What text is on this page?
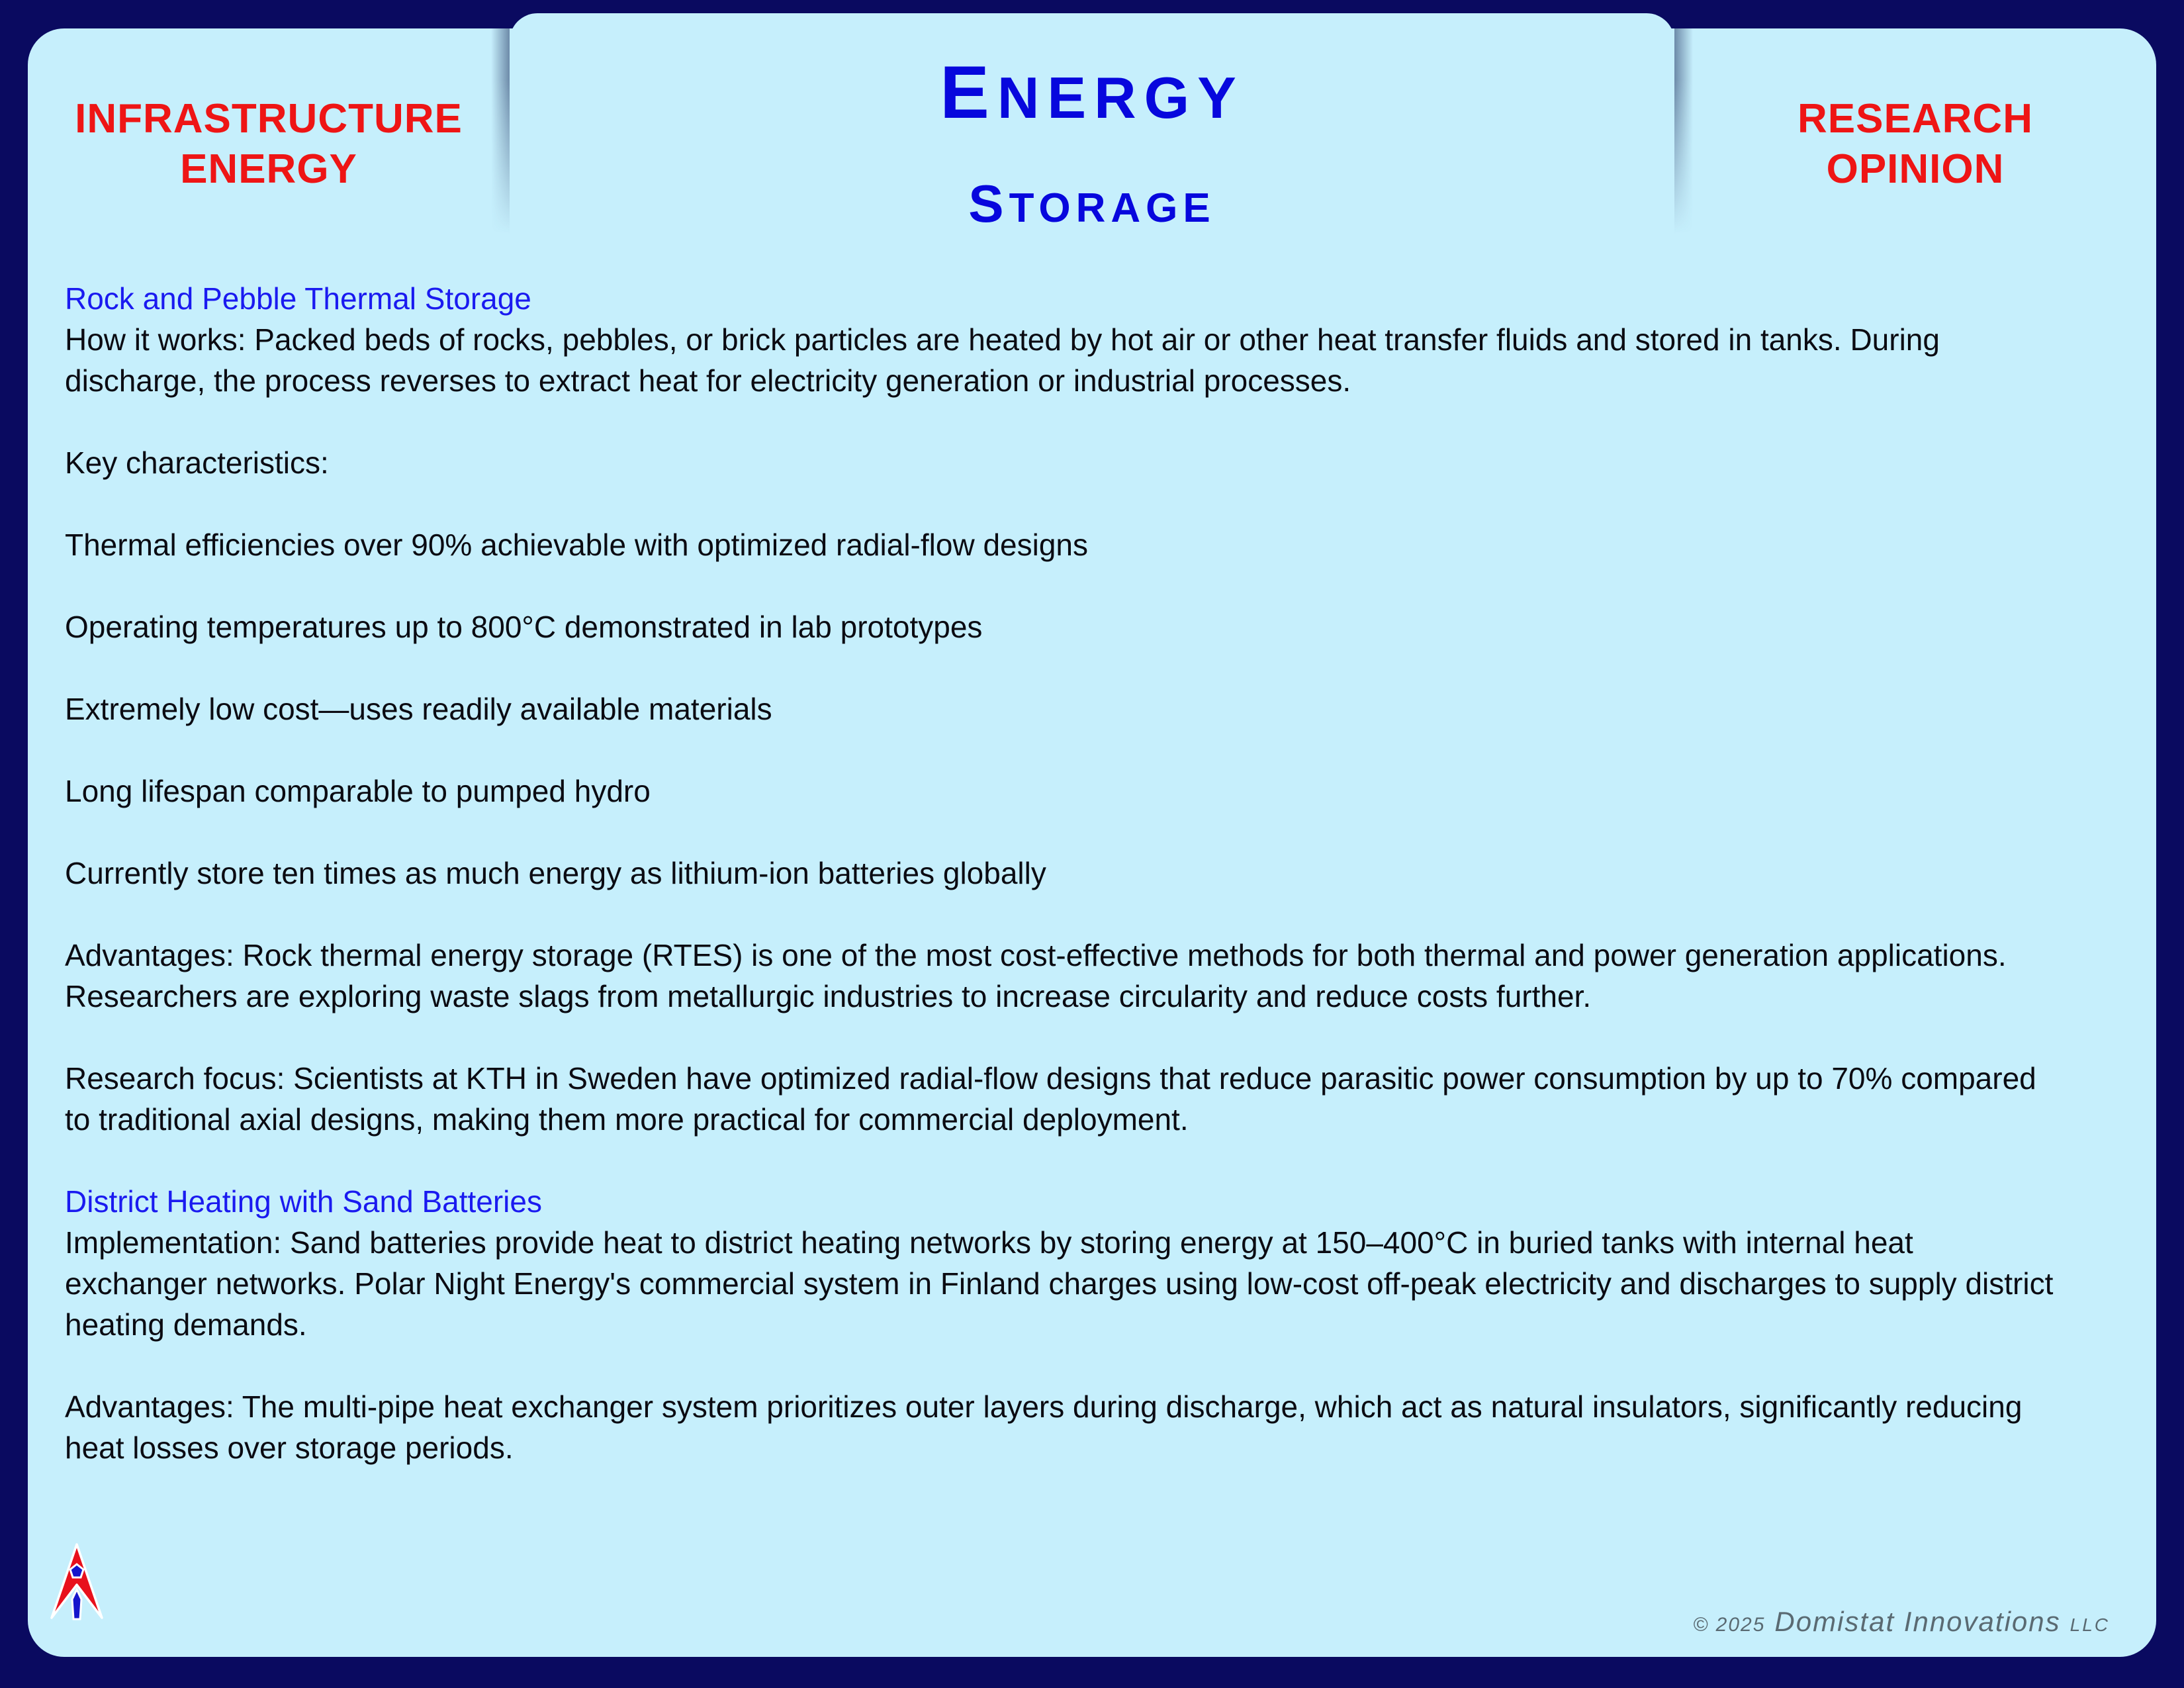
INFRASTRUCTURE
ENERGY
RESEARCH
OPINION
ENERGY
STORAGE

Rock and Pebble Thermal Storage

How it works: Packed beds of rocks, pebbles, or brick particles are heated by hot air or other heat transfer fluids and stored in tanks. During discharge, the process reverses to extract heat for electricity generation or industrial processes.

Key characteristics:

Thermal efficiencies over 90% achievable with optimized radial-flow designs

Operating temperatures up to 800°C demonstrated in lab prototypes

Extremely low cost—uses readily available materials

Long lifespan comparable to pumped hydro

Currently store ten times as much energy as lithium-ion batteries globally

Advantages: Rock thermal energy storage (RTES) is one of the most cost-effective methods for both thermal and power generation applications. Researchers are exploring waste slags from metallurgic industries to increase circularity and reduce costs further.

Research focus: Scientists at KTH in Sweden have optimized radial-flow designs that reduce parasitic power consumption by up to 70% compared to traditional axial designs, making them more practical for commercial deployment.

District Heating with Sand Batteries

Implementation: Sand batteries provide heat to district heating networks by storing energy at 150–400°C in buried tanks with internal heat exchanger networks. Polar Night Energy's commercial system in Finland charges using low-cost off-peak electricity and discharges to supply district heating demands.

Advantages: The multi-pipe heat exchanger system prioritizes outer layers during discharge, which act as natural insulators, significantly reducing heat losses over storage periods.

© 2025 Domistat Innovations LLC
